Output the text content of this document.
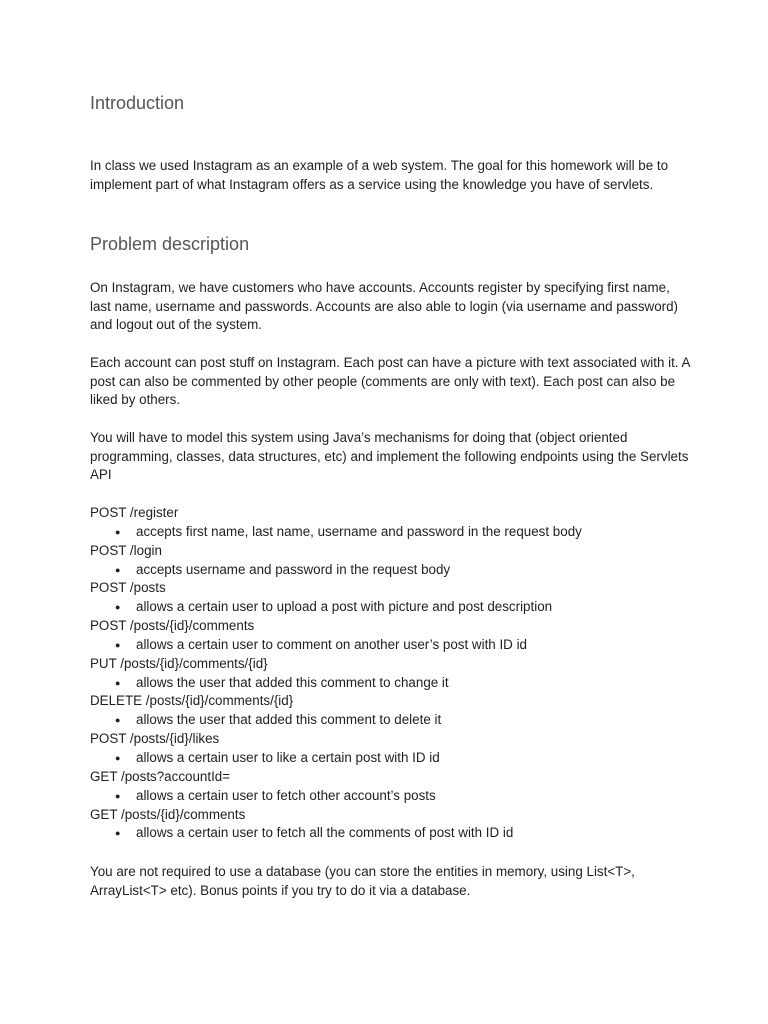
Introduction

In class we used Instagram as an example of a web system. The goal for this homework will be to implement part of what Instagram offers as a service using the knowledge you have of servlets.

Problem description

On Instagram, we have customers who have accounts. Accounts register by specifying first name, last name, username and passwords. Accounts are also able to login (via username and password) and logout out of the system.

Each account can post stuff on Instagram. Each post can have a picture with text associated with it. A post can also be commented by other people (comments are only with text). Each post can also be liked by others.

You will have to model this system using Java’s mechanisms for doing that (object oriented programming, classes, data structures, etc) and implement the following endpoints using the Servlets API

POST /register
● accepts first name, last name, username and password in the request body
POST /login
● accepts username and password in the request body
POST /posts
● allows a certain user to upload a post with picture and post description
POST /posts/{id}/comments
● allows a certain user to comment on another user’s post with ID id
PUT /posts/{id}/comments/{id}
● allows the user that added this comment to change it
DELETE /posts/{id}/comments/{id}
● allows the user that added this comment to delete it
POST /posts/{id}/likes
● allows a certain user to like a certain post with ID id
GET /posts?accountId=
● allows a certain user to fetch other account’s posts
GET /posts/{id}/comments
● allows a certain user to fetch all the comments of post with ID id

You are not required to use a database (you can store the entities in memory, using List<T>, ArrayList<T> etc). Bonus points if you try to do it via a database.
